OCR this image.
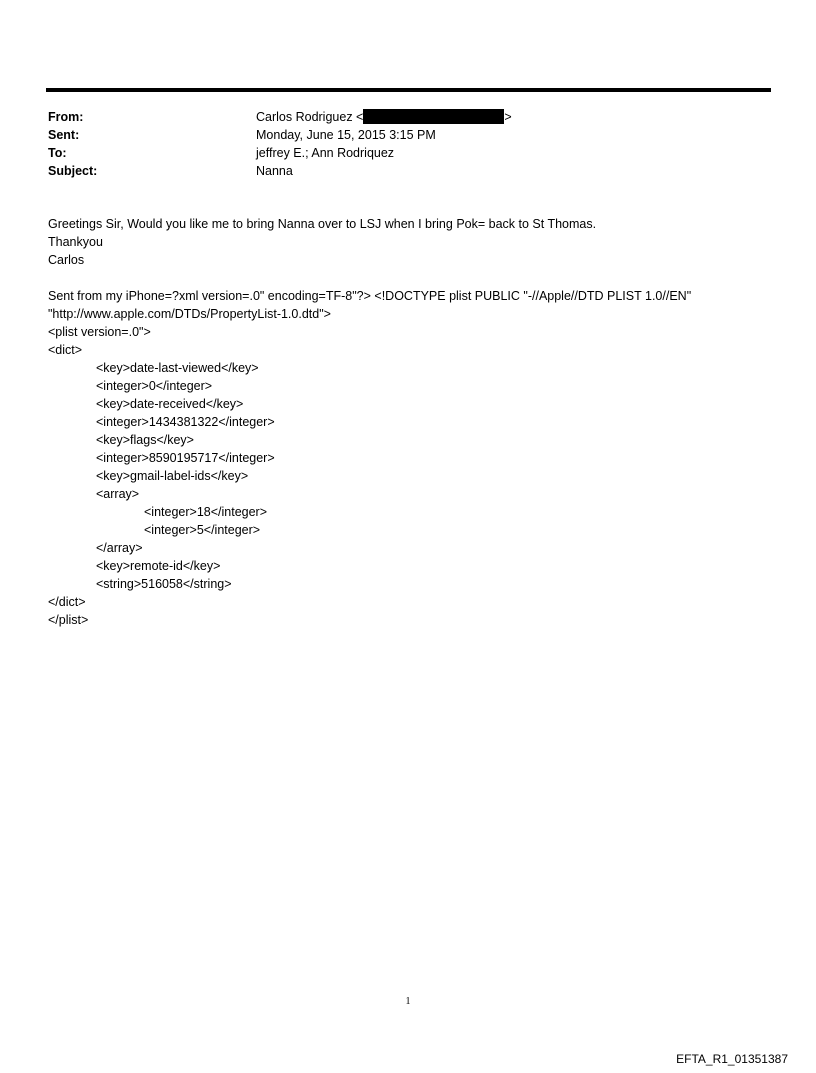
From:	Carlos Rodriguez <	>
Sent:	Monday, June 15, 2015 3:15 PM
To:	jeffrey E.; Ann Rodriquez
Subject:	Nanna
Greetings Sir, Would you like me to bring Nanna over to LSJ when I bring Pok= back to St Thomas.
Thankyou
Carlos
Sent from my iPhone=?xml version=.0" encoding=TF-8"?> <!DOCTYPE plist PUBLIC "-//Apple//DTD PLIST 1.0//EN"
"http://www.apple.com/DTDs/PropertyList-1.0.dtd">
<plist version=.0">
<dict>
<key>date-last-viewed</key>
<integer>0</integer>
<key>date-received</key>
<integer>1434381322</integer>
<key>flags</key>
<integer>8590195717</integer>
<key>gmail-label-ids</key>
<array>
<integer>18</integer>
<integer>5</integer>
</array>
<key>remote-id</key>
<string>516058</string>
</dict>
</plist>
1
EFTA_R1_01351387
